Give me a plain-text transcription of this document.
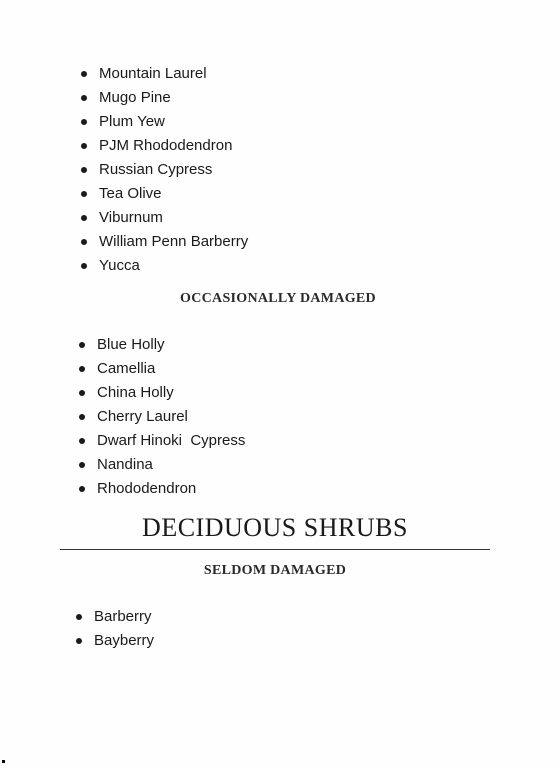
Mountain Laurel
Mugo Pine
Plum Yew
PJM Rhododendron
Russian Cypress
Tea Olive
Viburnum
William Penn Barberry
Yucca
OCCASIONALLY DAMAGED
Blue Holly
Camellia
China Holly
Cherry Laurel
Dwarf Hinoki  Cypress
Nandina
Rhododendron
DECIDUOUS SHRUBS
SELDOM DAMAGED
Barberry
Bayberry
